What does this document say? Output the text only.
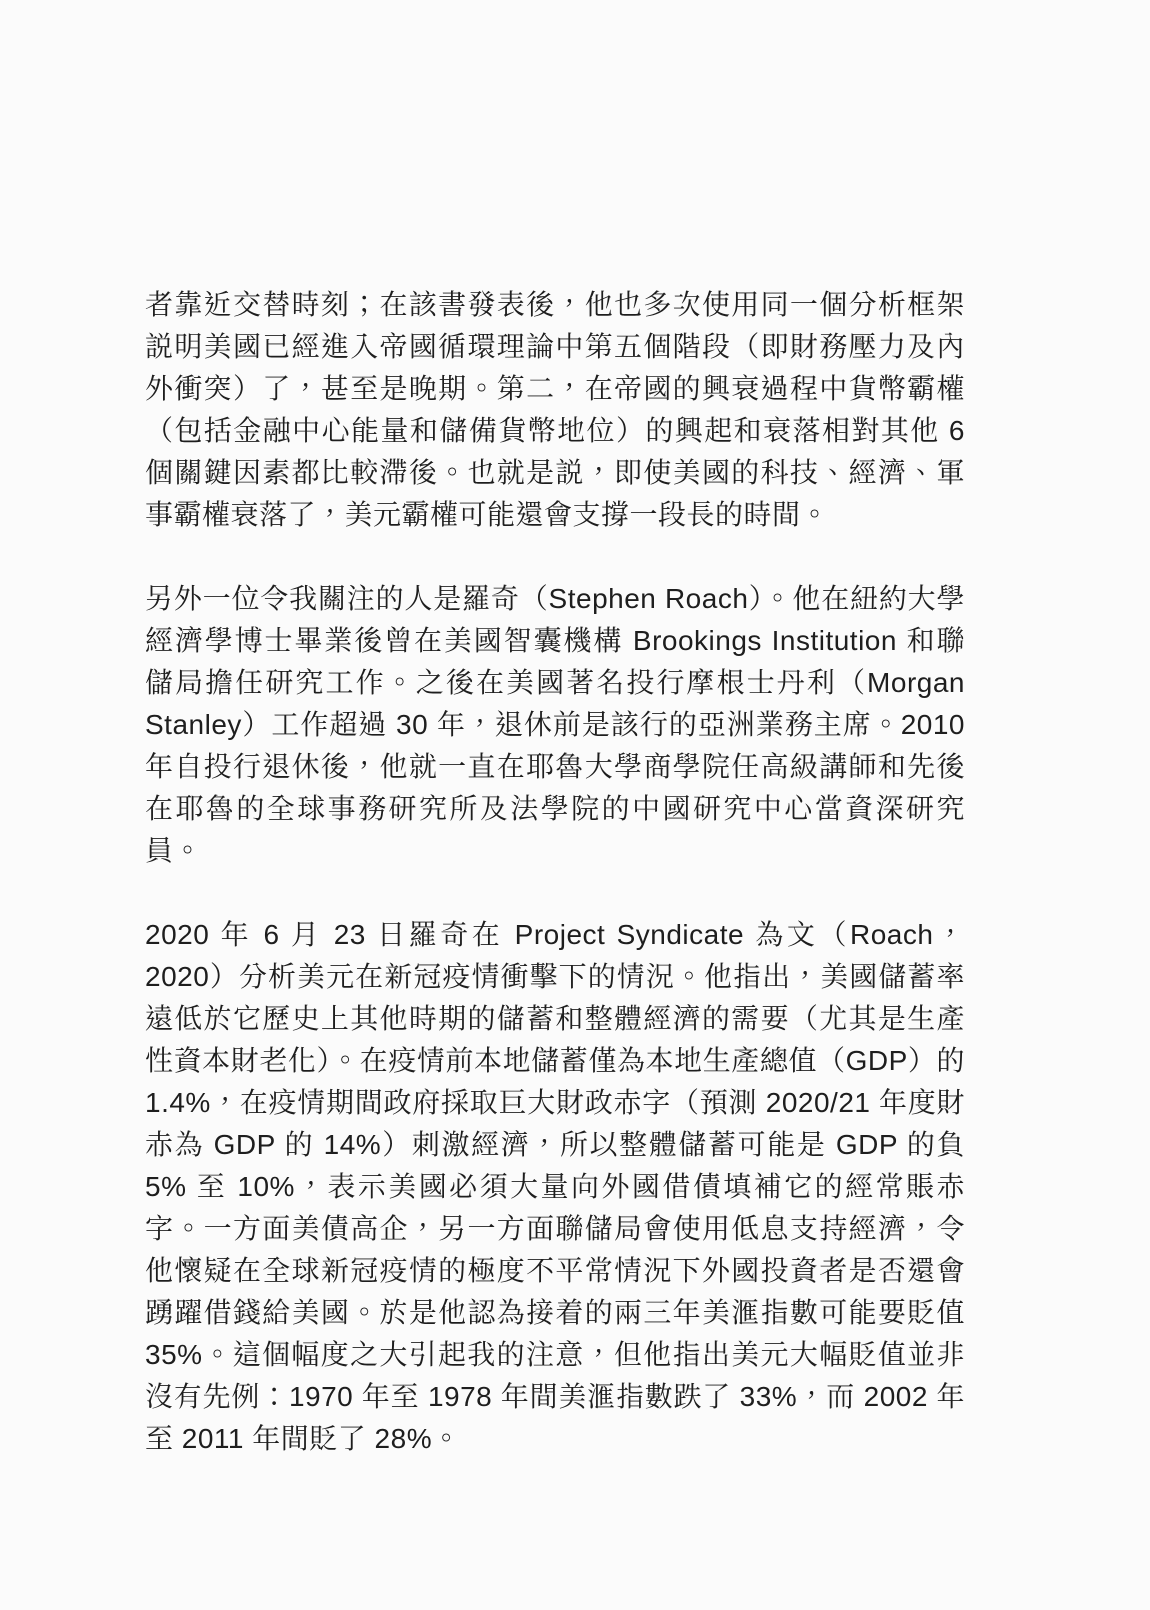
者靠近交替時刻；在該書發表後，他也多次使用同一個分析框架説明美國已經進入帝國循環理論中第五個階段（即財務壓力及內外衝突）了，甚至是晚期。第二，在帝國的興衰過程中貨幣霸權（包括金融中心能量和儲備貨幣地位）的興起和衰落相對其他 6 個關鍵因素都比較滯後。也就是説，即使美國的科技、經濟、軍事霸權衰落了，美元霸權可能還會支撐一段長的時間。

另外一位令我關注的人是羅奇（Stephen Roach）。他在紐約大學經濟學博士畢業後曾在美國智囊機構 Brookings Institution 和聯儲局擔任研究工作。之後在美國著名投行摩根士丹利（Morgan Stanley）工作超過 30 年，退休前是該行的亞洲業務主席。2010 年自投行退休後，他就一直在耶魯大學商學院任高級講師和先後在耶魯的全球事務研究所及法學院的中國研究中心當資深研究員。

2020 年 6 月 23 日羅奇在 Project Syndicate 為文（Roach，2020）分析美元在新冠疫情衝擊下的情況。他指出，美國儲蓄率遠低於它歷史上其他時期的儲蓄和整體經濟的需要（尤其是生產性資本財老化）。在疫情前本地儲蓄僅為本地生產總值（GDP）的 1.4%，在疫情期間政府採取巨大財政赤字（預測 2020/21 年度財赤為 GDP 的 14%）刺激經濟，所以整體儲蓄可能是 GDP 的負 5% 至 10%，表示美國必須大量向外國借債填補它的經常賬赤字。一方面美債高企，另一方面聯儲局會使用低息支持經濟，令他懷疑在全球新冠疫情的極度不平常情況下外國投資者是否還會踴躍借錢給美國。於是他認為接着的兩三年美滙指數可能要貶值 35%。這個幅度之大引起我的注意，但他指出美元大幅貶值並非沒有先例：1970 年至 1978 年間美滙指數跌了 33%，而 2002 年至 2011 年間貶了 28%。
